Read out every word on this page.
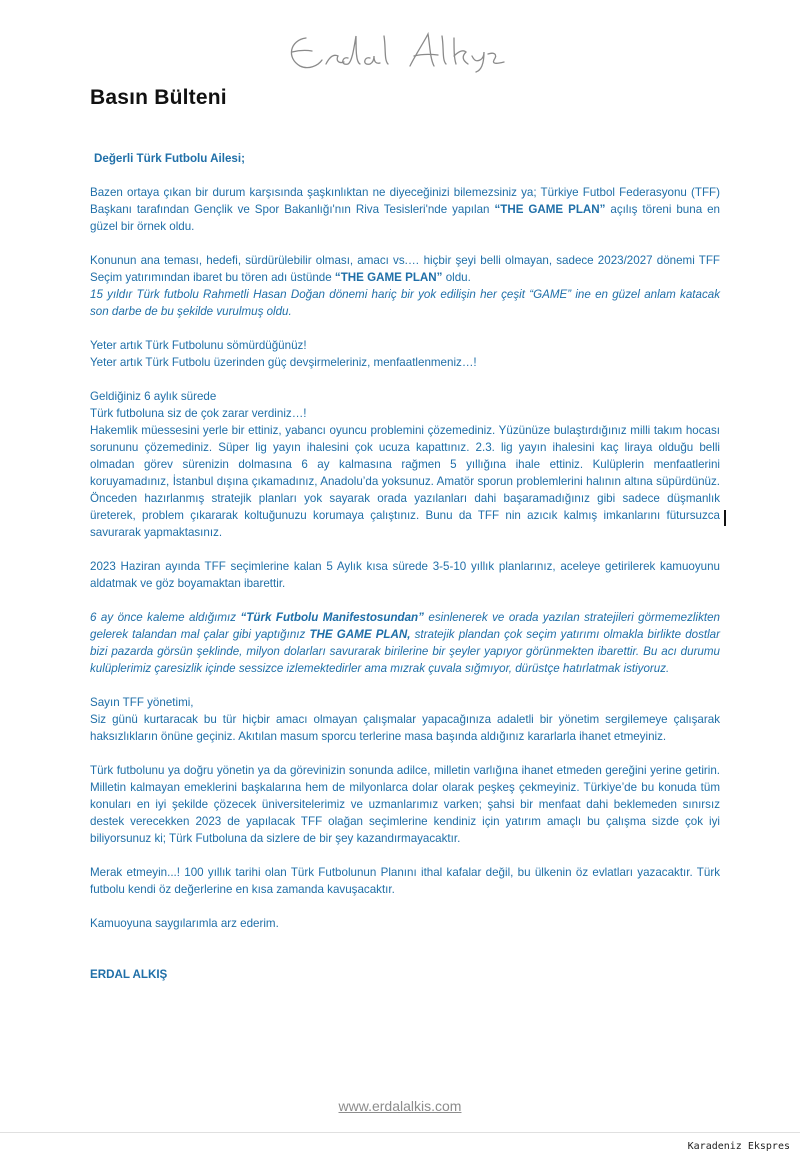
Basın Bülteni

Değerli Türk Futbolu Ailesi;

Bazen ortaya çıkan bir durum karşısında şaşkınlıktan ne diyeceğinizi bilemezsiniz ya; Türkiye Futbol Federasyonu (TFF) Başkanı tarafından Gençlik ve Spor Bakanlığı'nın Riva Tesisleri'nde yapılan “THE GAME PLAN” açılış töreni buna en güzel bir örnek oldu.

Konunun ana teması, hedefi, sürdürülebilir olması, amacı vs.… hiçbir şeyi belli olmayan, sadece 2023/2027 dönemi TFF Seçim yatırımından ibaret bu tören adı üstünde “THE GAME PLAN” oldu.

15 yıldır Türk futbolu Rahmetli Hasan Doğan dönemi hariç bir yok edilişin her çeşit “GAME” ine en güzel anlam katacak son darbe de bu şekilde vurulmuş oldu.

Yeter artık Türk Futbolunu sömürdüğünüz!

Yeter artık Türk Futbolu üzerinden güç devşirmeleriniz, menfaatlenmeniz…!

Geldiğiniz 6 aylık sürede

Türk futboluna siz de çok zarar verdiniz…!

Hakemlik müessesini yerle bir ettiniz, yabancı oyuncu problemini çözemediniz. Yüzünüze bulaştırdığınız milli takım hocası sorununu çözemediniz. Süper lig yayın ihalesini çok ucuza kapattınız. 2.3. lig yayın ihalesini kaç liraya olduğu belli olmadan görev sürenizin dolmasına 6 ay kalmasına rağmen 5 yıllığına ihale ettiniz. Kulüplerin menfaatlerini koruyamadınız, İstanbul dışına çıkamadınız, Anadolu’da yoksunuz. Amatör sporun problemlerini halının altına süpürdünüz. Önceden hazırlanmış stratejik planları yok sayarak orada yazılanları dahi başaramadığınız gibi sadece düşmanlık üreterek, problem çıkararak koltuğunuzu korumaya çalıştınız. Bunu da TFF nin azıcık kalmış imkanlarını fütursuzca savurarak yapmaktasınız.

2023 Haziran ayında TFF seçimlerine kalan 5 Aylık kısa sürede 3-5-10 yıllık planlarınız, aceleye getirilerek kamuoyunu aldatmak ve göz boyamaktan ibarettir.

6 ay önce kaleme aldığımız “Türk Futbolu Manifestosundan” esinlenerek ve orada yazılan stratejileri görmemezlikten gelerek talandan mal çalar gibi yaptığınız THE GAME PLAN, stratejik plandan çok seçim yatırımı olmakla birlikte dostlar bizi pazarda görsün şeklinde, milyon dolarları savurarak birilerine bir şeyler yapıyor görünmekten ibarettir. Bu acı durumu kulüplerimiz çaresizlik içinde sessizce izlemektedirler ama mızrak çuvala sığmıyor, dürüstçe hatırlatmak istiyoruz.

Sayın TFF yönetimi,

Siz günü kurtaracak bu tür hiçbir amacı olmayan çalışmalar yapacağınıza adaletli bir yönetim sergilemeye çalışarak haksızlıkların önüne geçiniz. Akıtılan masum sporcu terlerine masa başında aldığınız kararlarla ihanet etmeyiniz.

Türk futbolunu ya doğru yönetin ya da görevinizin sonunda adilce, milletin varlığına ihanet etmeden gereğini yerine getirin. Milletin kalmayan emeklerini başkalarına hem de milyonlarca dolar olarak peşkeş çekmeyiniz. Türkiye’de bu konuda tüm konuları en iyi şekilde çözecek üniversitelerimiz ve uzmanlarımız varken; şahsi bir menfaat dahi beklemeden sınırsız destek verecekken 2023 de yapılacak TFF olağan seçimlerine kendiniz için yatırım amaçlı bu çalışma sizde çok iyi biliyorsunuz ki; Türk Futboluna da sizlere de bir şey kazandırmayacaktır.

Merak etmeyin...! 100 yıllık tarihi olan Türk Futbolunun Planını ithal kafalar değil, bu ülkenin öz evlatları yazacaktır. Türk futbolu kendi öz değerlerine en kısa zamanda kavuşacaktır.

Kamuoyuna saygılarımla arz ederim.

ERDAL ALKIŞ

www.erdalalkis.com
Karadeniz Ekspres
